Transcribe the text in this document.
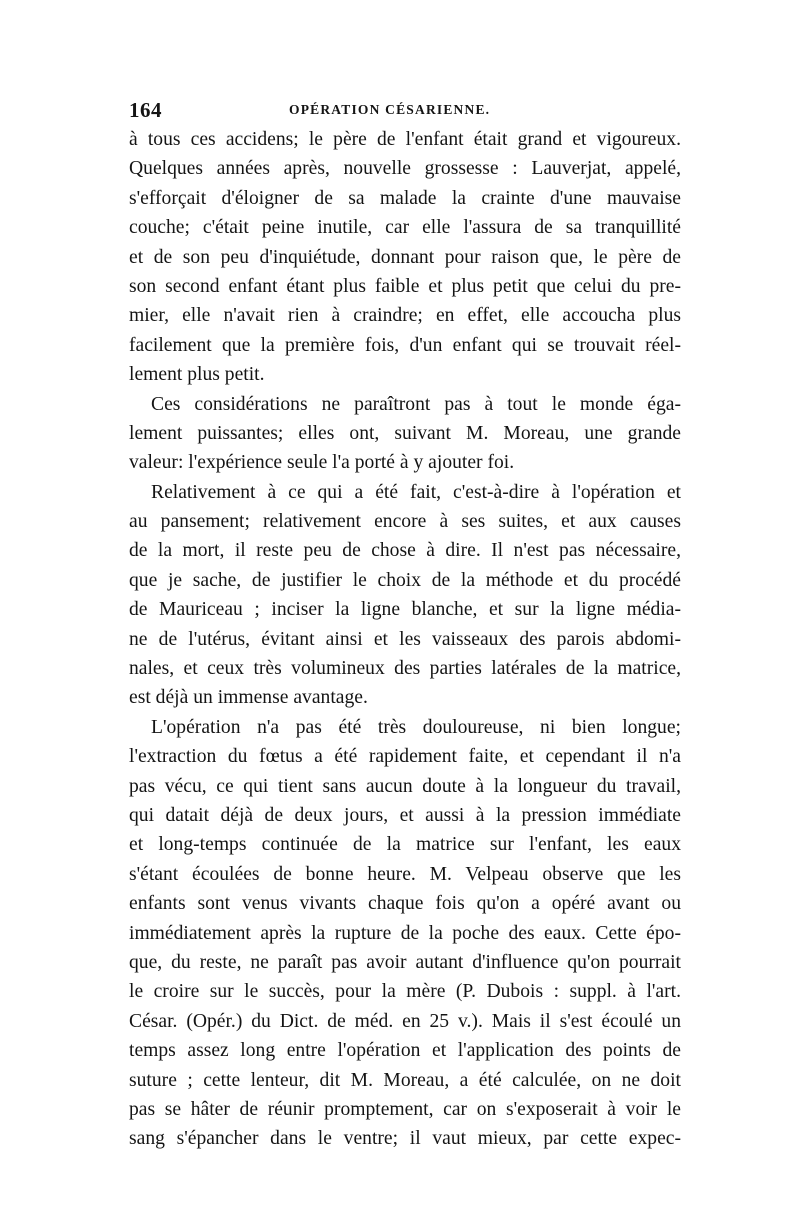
164	OPÉRATION CÉSARIENNE.
à tous ces accidens; le père de l'enfant était grand et vigoureux.
Quelques années après, nouvelle grossesse : Lauverjat, appelé,
s'efforçait d'éloigner de sa malade la crainte d'une mauvaise
couche; c'était peine inutile, car elle l'assura de sa tranquillité
et de son peu d'inquiétude, donnant pour raison que, le père de
son second enfant étant plus faible et plus petit que celui du pre-
mier, elle n'avait rien à craindre; en effet, elle accoucha plus
facilement que la première fois, d'un enfant qui se trouvait réel-
lement plus petit.
Ces considérations ne paraîtront pas à tout le monde éga-
lement puissantes; elles ont, suivant M. Moreau, une grande
valeur: l'expérience seule l'a porté à y ajouter foi.
Relativement à ce qui a été fait, c'est-à-dire à l'opération et
au pansement; relativement encore à ses suites, et aux causes
de la mort, il reste peu de chose à dire. Il n'est pas nécessaire,
que je sache, de justifier le choix de la méthode et du procédé
de Mauriceau ; inciser la ligne blanche, et sur la ligne média-
ne de l'utérus, évitant ainsi et les vaisseaux des parois abdomi-
nales, et ceux très volumineux des parties latérales de la matrice,
est déjà un immense avantage.
L'opération n'a pas été très douloureuse, ni bien longue;
l'extraction du fœtus a été rapidement faite, et cependant il n'a
pas vécu, ce qui tient sans aucun doute à la longueur du travail,
qui datait déjà de deux jours, et aussi à la pression immédiate
et long-temps continuée de la matrice sur l'enfant, les eaux
s'étant écoulées de bonne heure. M. Velpeau observe que les
enfants sont venus vivants chaque fois qu'on a opéré avant ou
immédiatement après la rupture de la poche des eaux. Cette épo-
que, du reste, ne paraît pas avoir autant d'influence qu'on pourrait
le croire sur le succès, pour la mère (P. Dubois : suppl. à l'art.
César. (Opér.) du Dict. de méd. en 25 v.). Mais il s'est écoulé un
temps assez long entre l'opération et l'application des points de
suture ; cette lenteur, dit M. Moreau, a été calculée, on ne doit
pas se hâter de réunir promptement, car on s'exposerait à voir le
sang s'épancher dans le ventre; il vaut mieux, par cette expec-
